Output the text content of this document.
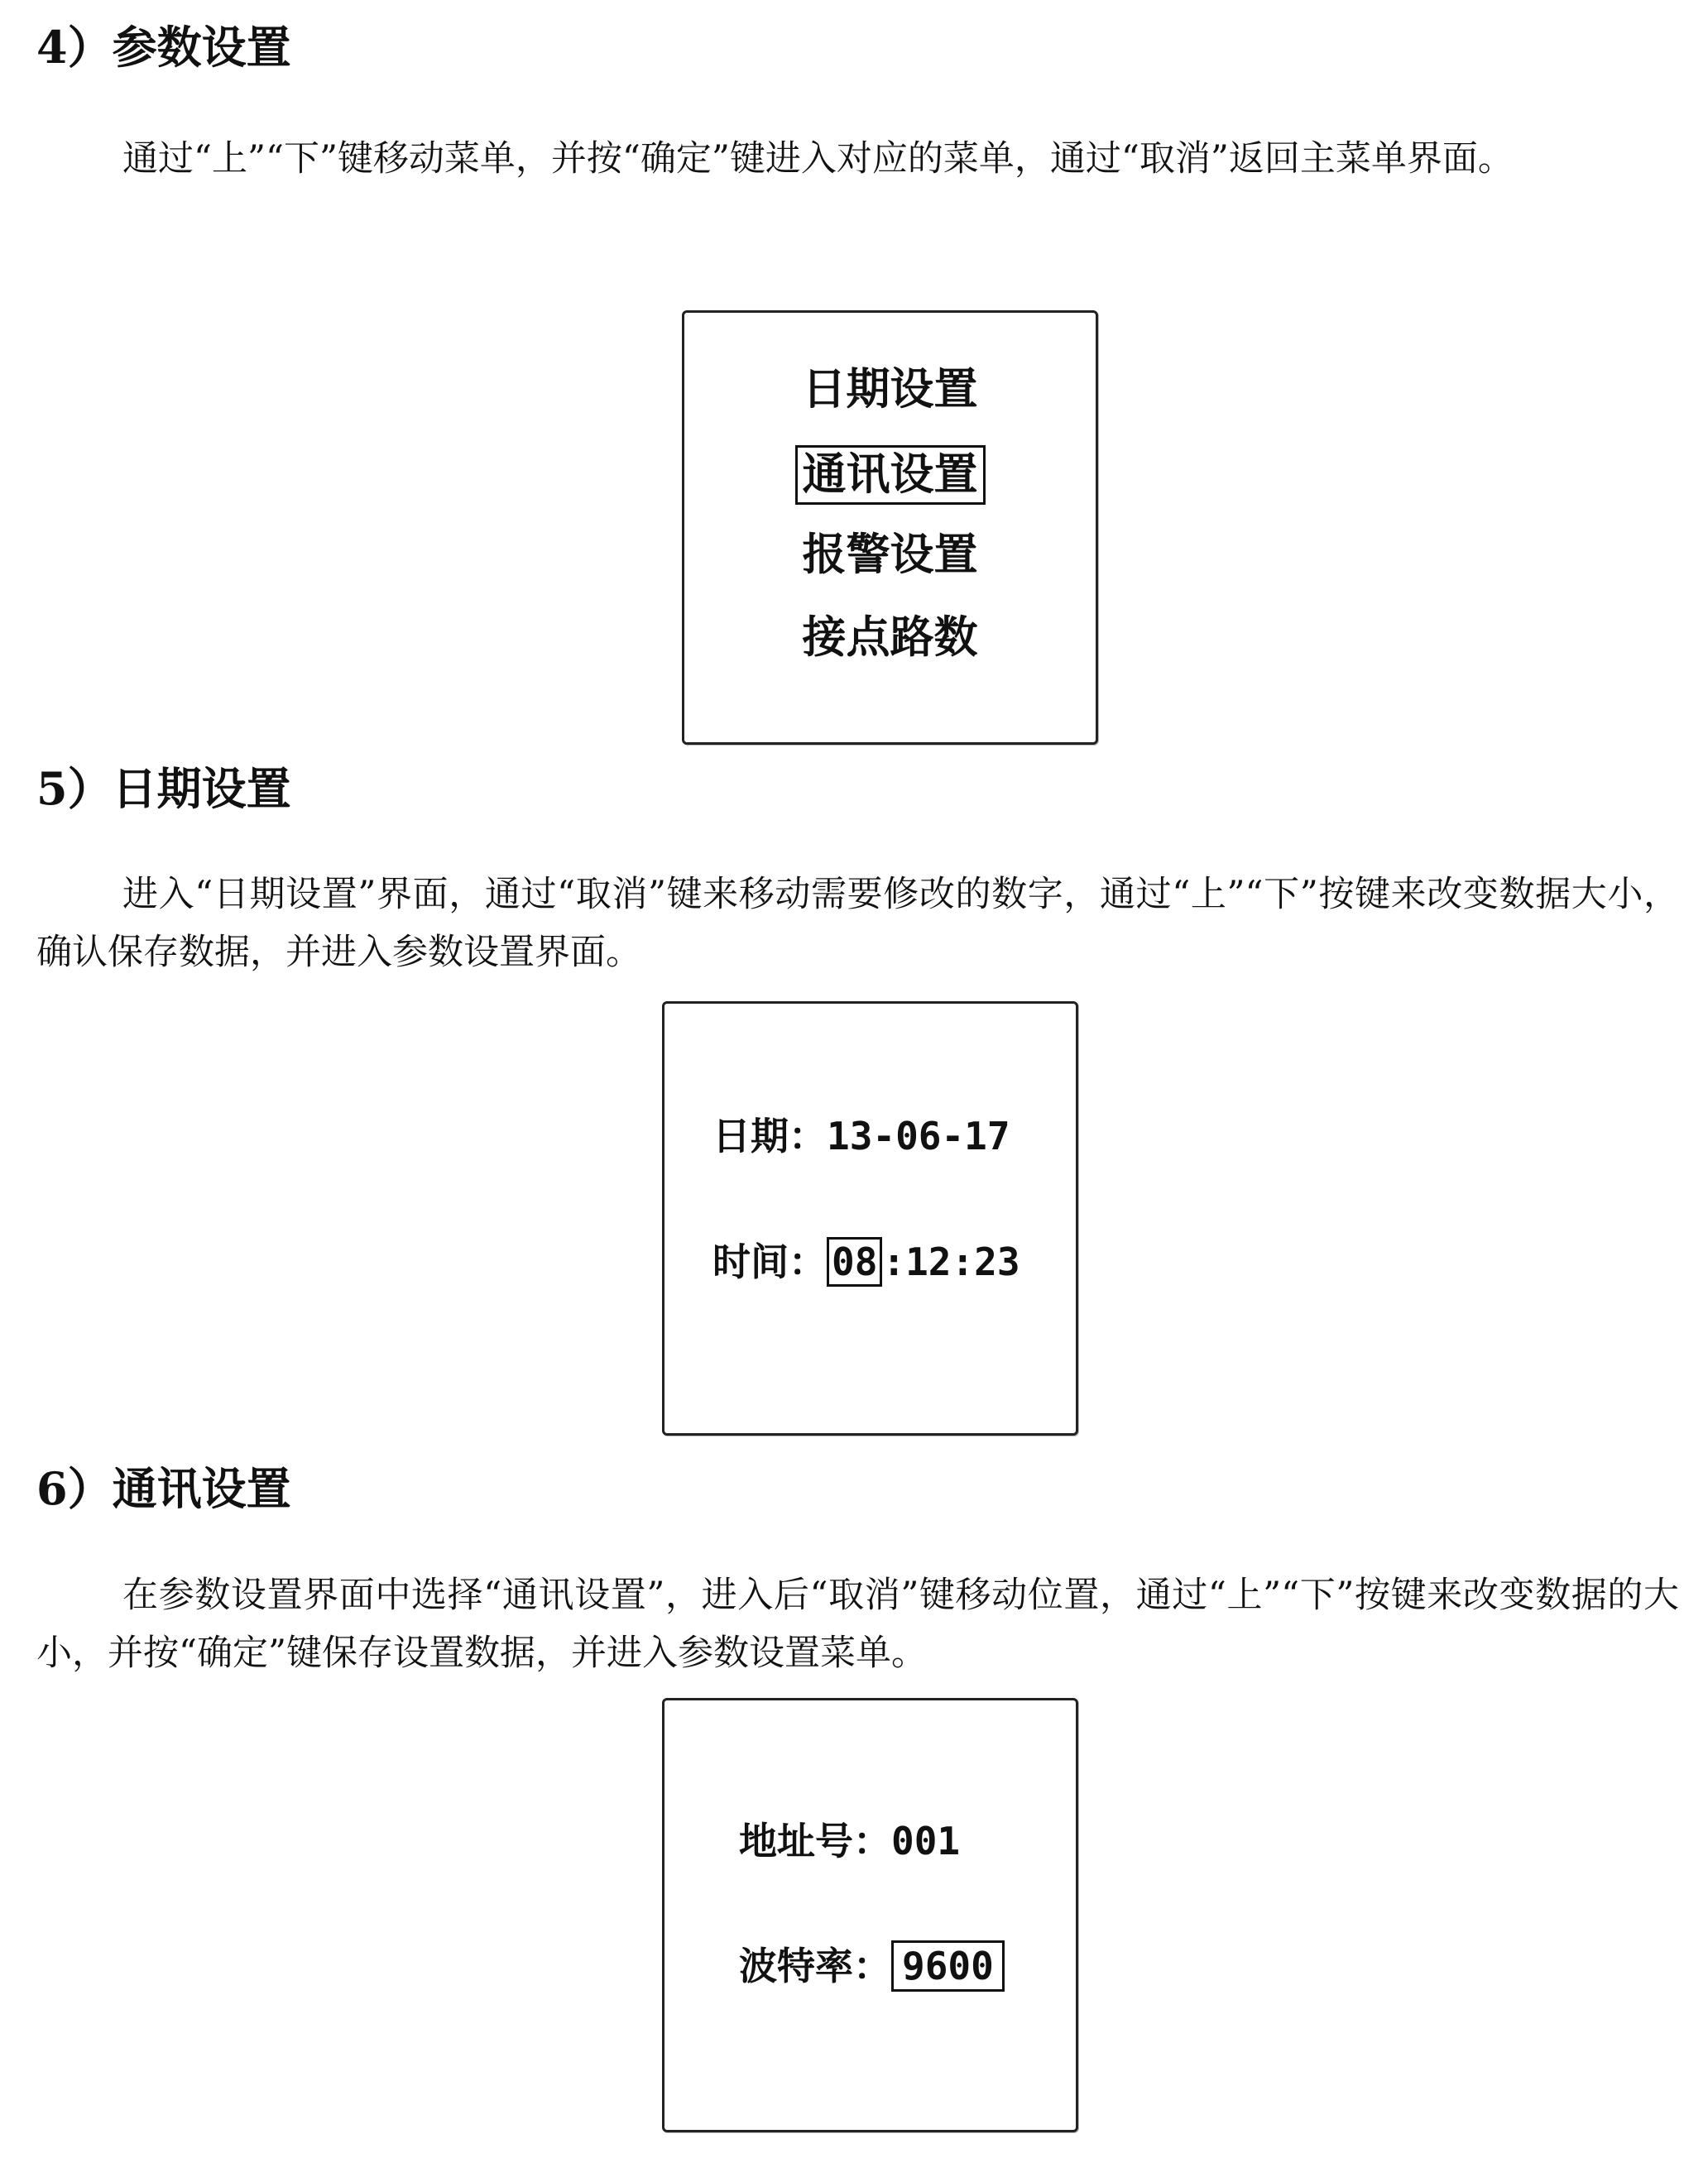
4）参数设置

通过“上”“下”键移动菜单，并按“确定”键进入对应的菜单，通过“取消”返回主菜单界面。

日期设置
通讯设置
报警设置
接点路数
5）日期设置

进入“日期设置”界面，通过“取消”键来移动需要修改的数字，通过“上”“下”按键来改变数据大小，确认保存数据，并进入参数设置界面。

日期：13-06-17
时间： 08 :12:23
6）通讯设置

在参数设置界面中选择“通讯设置”，进入后“取消”键移动位置，通过“上”“下”按键来改变数据的大小，并按“确定”键保存设置数据，并进入参数设置菜单。

地址号：001
波特率： 9600
